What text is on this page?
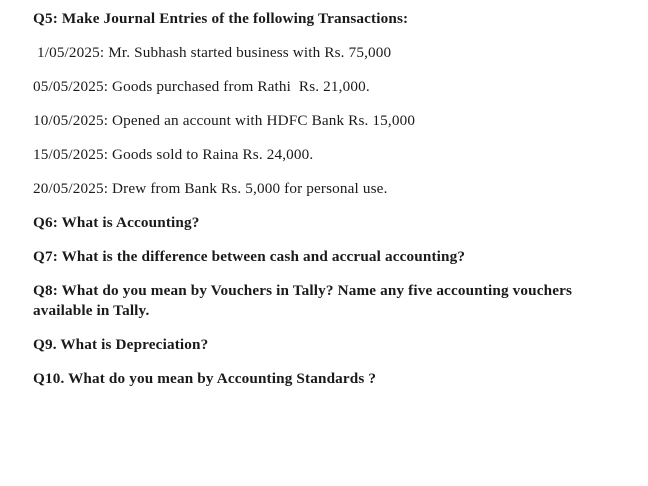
Q5: Make Journal Entries of the following Transactions:

1/05/2025: Mr. Subhash started business with Rs. 75,000

05/05/2025: Goods purchased from Rathi  Rs. 21,000.

10/05/2025: Opened an account with HDFC Bank Rs. 15,000

15/05/2025: Goods sold to Raina Rs. 24,000.

20/05/2025: Drew from Bank Rs. 5,000 for personal use.

Q6: What is Accounting?

Q7: What is the difference between cash and accrual accounting?

Q8: What do you mean by Vouchers in Tally? Name any five accounting vouchers available in Tally.

Q9. What is Depreciation?

Q10. What do you mean by Accounting Standards ?
